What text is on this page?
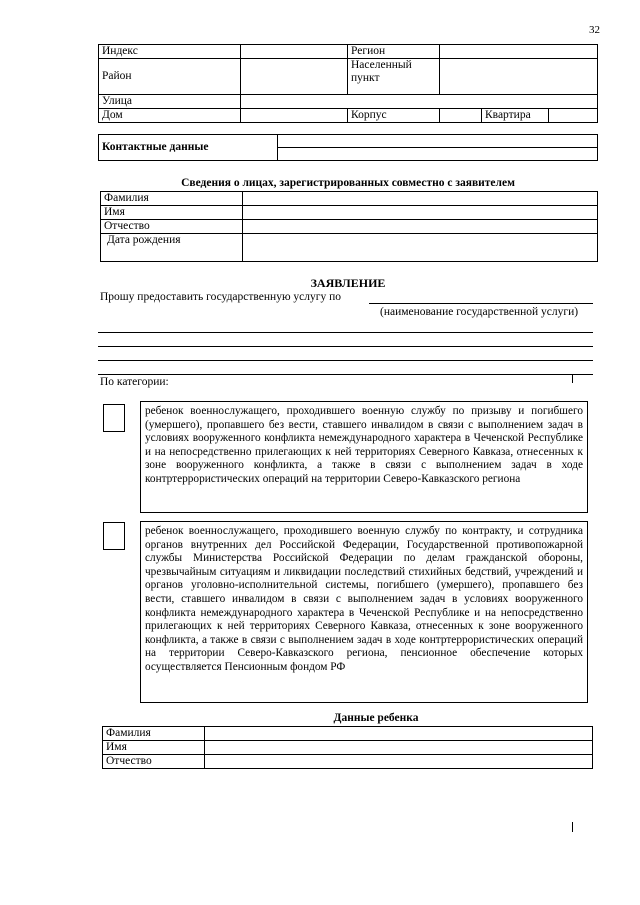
32
Индекс		Регион			
Район		Населенный пункт			
Улица					
Дом		Корпус		Квартира	
Контактные данные	

Сведения о лицах, зарегистрированных совместно с заявителем
Фамилия	
Имя	
Отчество	
Дата рождения	
ЗАЯВЛЕНИЕ
Прошу предоставить государственную услугу по
(наименование государственной услуги)
По категории:
ребенок военнослужащего, проходившего военную службу по призыву и погибшего (умершего), пропавшего без вести, ставшего инвалидом в связи с выполнением задач в условиях вооруженного конфликта немеждународного характера в Чеченской Республике и на непосредственно прилегающих к ней территориях Северного Кавказа, отнесенных к зоне вооруженного конфликта, а также в связи с выполнением задач в ходе контртеррористических операций на территории Северо-Кавказского региона
ребенок военнослужащего, проходившего военную службу по контракту, и сотрудника органов внутренних дел Российской Федерации, Государственной противопожарной службы Министерства Российской Федерации по делам гражданской обороны, чрезвычайным ситуациям и ликвидации последствий стихийных бедствий, учреждений и органов уголовно-исполнительной системы, погибшего (умершего), пропавшего без вести, ставшего инвалидом в связи с выполнением задач в условиях вооруженного конфликта немеждународного характера в Чеченской Республике и на непосредственно прилегающих к ней территориях Северного Кавказа, отнесенных к зоне вооруженного конфликта, а также в связи с выполнением задач в ходе контртеррористических операций на территории Северо-Кавказского региона, пенсионное обеспечение которых осуществляется Пенсионным фондом РФ
Данные ребенка
Фамилия	
Имя	
Отчество	
